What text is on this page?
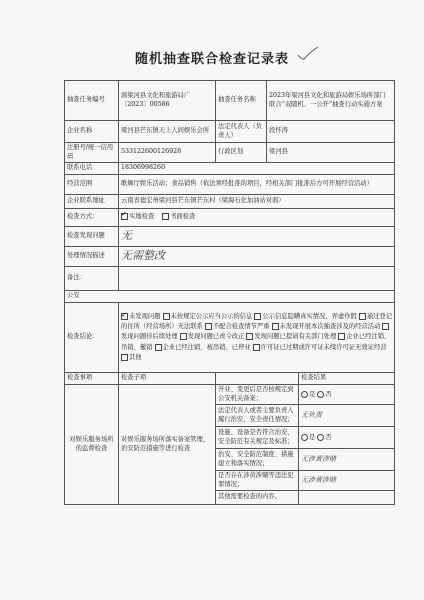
随机抽查联合检查记录表
抽查任务编号	滇梁河县文化和旅游局广〔2023〕00586	抽查任务名称	2023年梁河县文化和旅游局娱乐场所部门联合“双随机、一公开”抽查行动实施方案	
企业名称	梁河县芒东镇天上人间娱乐会所	法定代表人（负责人）	段怀涛	
注册号/统一信用码	533122600126928	行政区划	梁河县	
联系电话	18306998260			
经营范围	歌舞厅娱乐活动；食品销售（依法须经批准的项目，经相关部门批准后方可开展经营活动）			
企业联系地址	云南省德宏州梁河县芒东镇芒东村（梁海石化加油站对面）			
检查方式：	✓实地检查 书面检查
检查发现问题	无			
处理情况描述	无需整改			
备注：				
公安				
检查结论：	✓未发现问题 未按规定公示应当公示的信息 公示信息隐瞒真实情况、弄虚作假 通过登记的住所（经营场所）无法联系 不配合检查情节严重 未发现开展本次抽查涉及的经营活动 发现问题待后续处理 发现问题已责令改正 发现问题已提请有关部门处理 企业已经注销、吊销、撤销 企业已经注销、被吊销、已停业 许可证已过期或许可证未续许可证无效证经营 其他
检查事项	检查子项			检查结果
对娱乐服务场所的监督检查	对娱乐服务场所落实备案管理、治安防范措施等进行检查	开业、变更后是否按规定到公安机关备案；		是 否
		法定代表人或者主要负责人履行治安、安全责任情况；		无负责
		设施、设备是否符合治安、安全防范有关规定及标准；		是 否
		治安、安全防范制度、措施建立和落实情况；		无涉黄涉赌
		是否存在涉黄涉赌等违法犯罪情况；		无涉黄涉赌
		其他需要检查的内容。		
